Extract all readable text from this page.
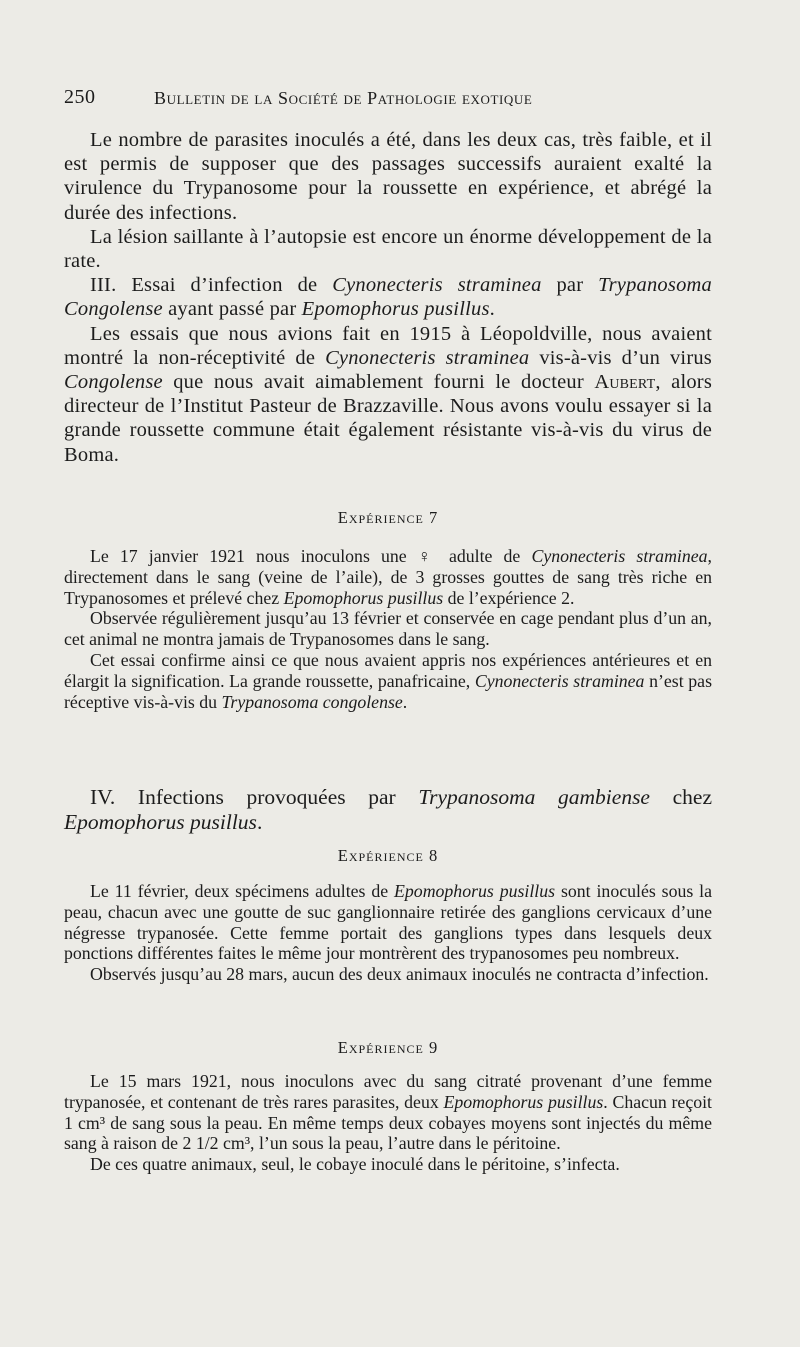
250	Bulletin de la Société de Pathologie exotique

Le nombre de parasites inoculés a été, dans les deux cas, très faible, et il est permis de supposer que des passages successifs auraient exalté la virulence du Trypanosome pour la roussette en expérience, et abrégé la durée des infections.

La lésion saillante à l’autopsie est encore un énorme développement de la rate.

III. Essai d’infection de Cynonecteris straminea par Trypanosoma Congolense ayant passé par Epomophorus pusillus.

Les essais que nous avions fait en 1915 à Léopoldville, nous avaient montré la non-réceptivité de Cynonecteris straminea vis-à-vis d’un virus Congolense que nous avait aimablement fourni le docteur Aubert, alors directeur de l’Institut Pasteur de Brazzaville. Nous avons voulu essayer si la grande roussette commune était également résistante vis-à-vis du virus de Boma.

Expérience 7

Le 17 janvier 1921 nous inoculons une ♀ adulte de Cynonecteris straminea, directement dans le sang (veine de l’aile), de 3 grosses gouttes de sang très riche en Trypanosomes et prélevé chez Epomophorus pusillus de l’expérience 2.

Observée régulièrement jusqu’au 13 février et conservée en cage pendant plus d’un an, cet animal ne montra jamais de Trypanosomes dans le sang.

Cet essai confirme ainsi ce que nous avaient appris nos expériences antérieures et en élargit la signification. La grande roussette, panafricaine, Cynonecteris straminea n’est pas réceptive vis-à-vis du Trypanosoma congolense.

IV. Infections provoquées par Trypanosoma gambiense chez Epomophorus pusillus.
Expérience 8

Le 11 février, deux spécimens adultes de Epomophorus pusillus sont inoculés sous la peau, chacun avec une goutte de suc ganglionnaire retirée des ganglions cervicaux d’une négresse trypanosée. Cette femme portait des ganglions types dans lesquels deux ponctions différentes faites le même jour montrèrent des trypanosomes peu nombreux.

Observés jusqu’au 28 mars, aucun des deux animaux inoculés ne contracta d’infection.

Expérience 9

Le 15 mars 1921, nous inoculons avec du sang citraté provenant d’une femme trypanosée, et contenant de très rares parasites, deux Epomophorus pusillus. Chacun reçoit 1 cm³ de sang sous la peau. En même temps deux cobayes moyens sont injectés du même sang à raison de 2 1/2 cm³, l’un sous la peau, l’autre dans le péritoine.

De ces quatre animaux, seul, le cobaye inoculé dans le péritoine, s’infecta.
